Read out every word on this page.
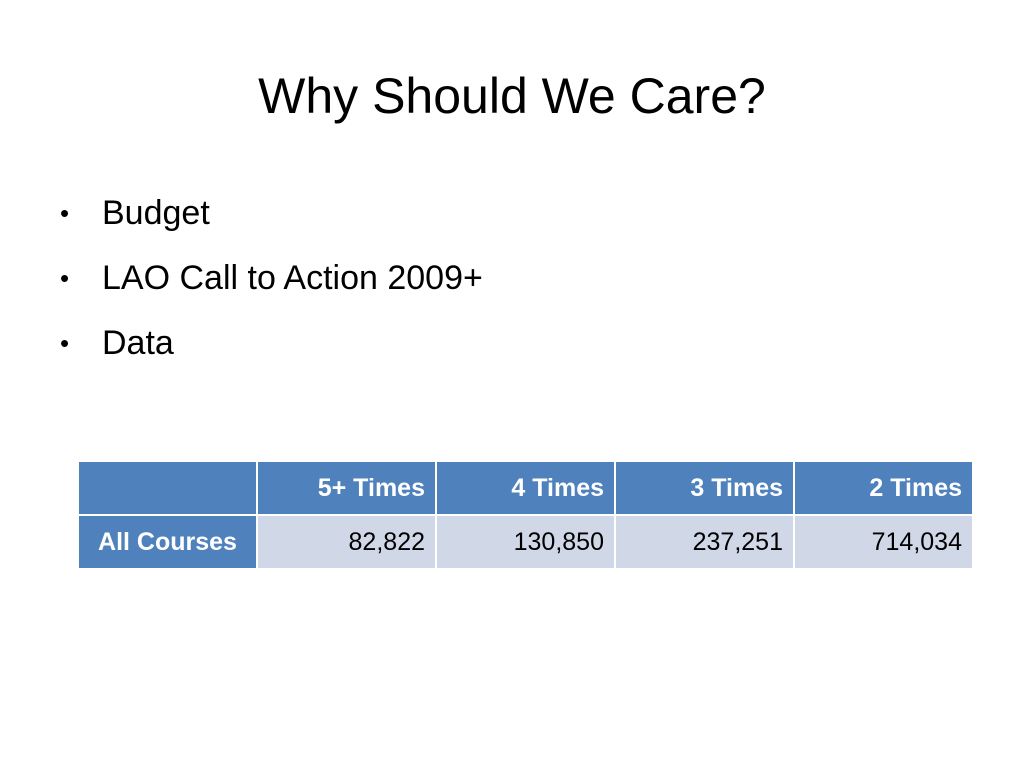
Why Should We Care?
• Budget
• LAO Call to Action 2009+
• Data
	5+ Times	4 Times	3 Times	2 Times
All Courses	82,822	130,850	237,251	714,034
